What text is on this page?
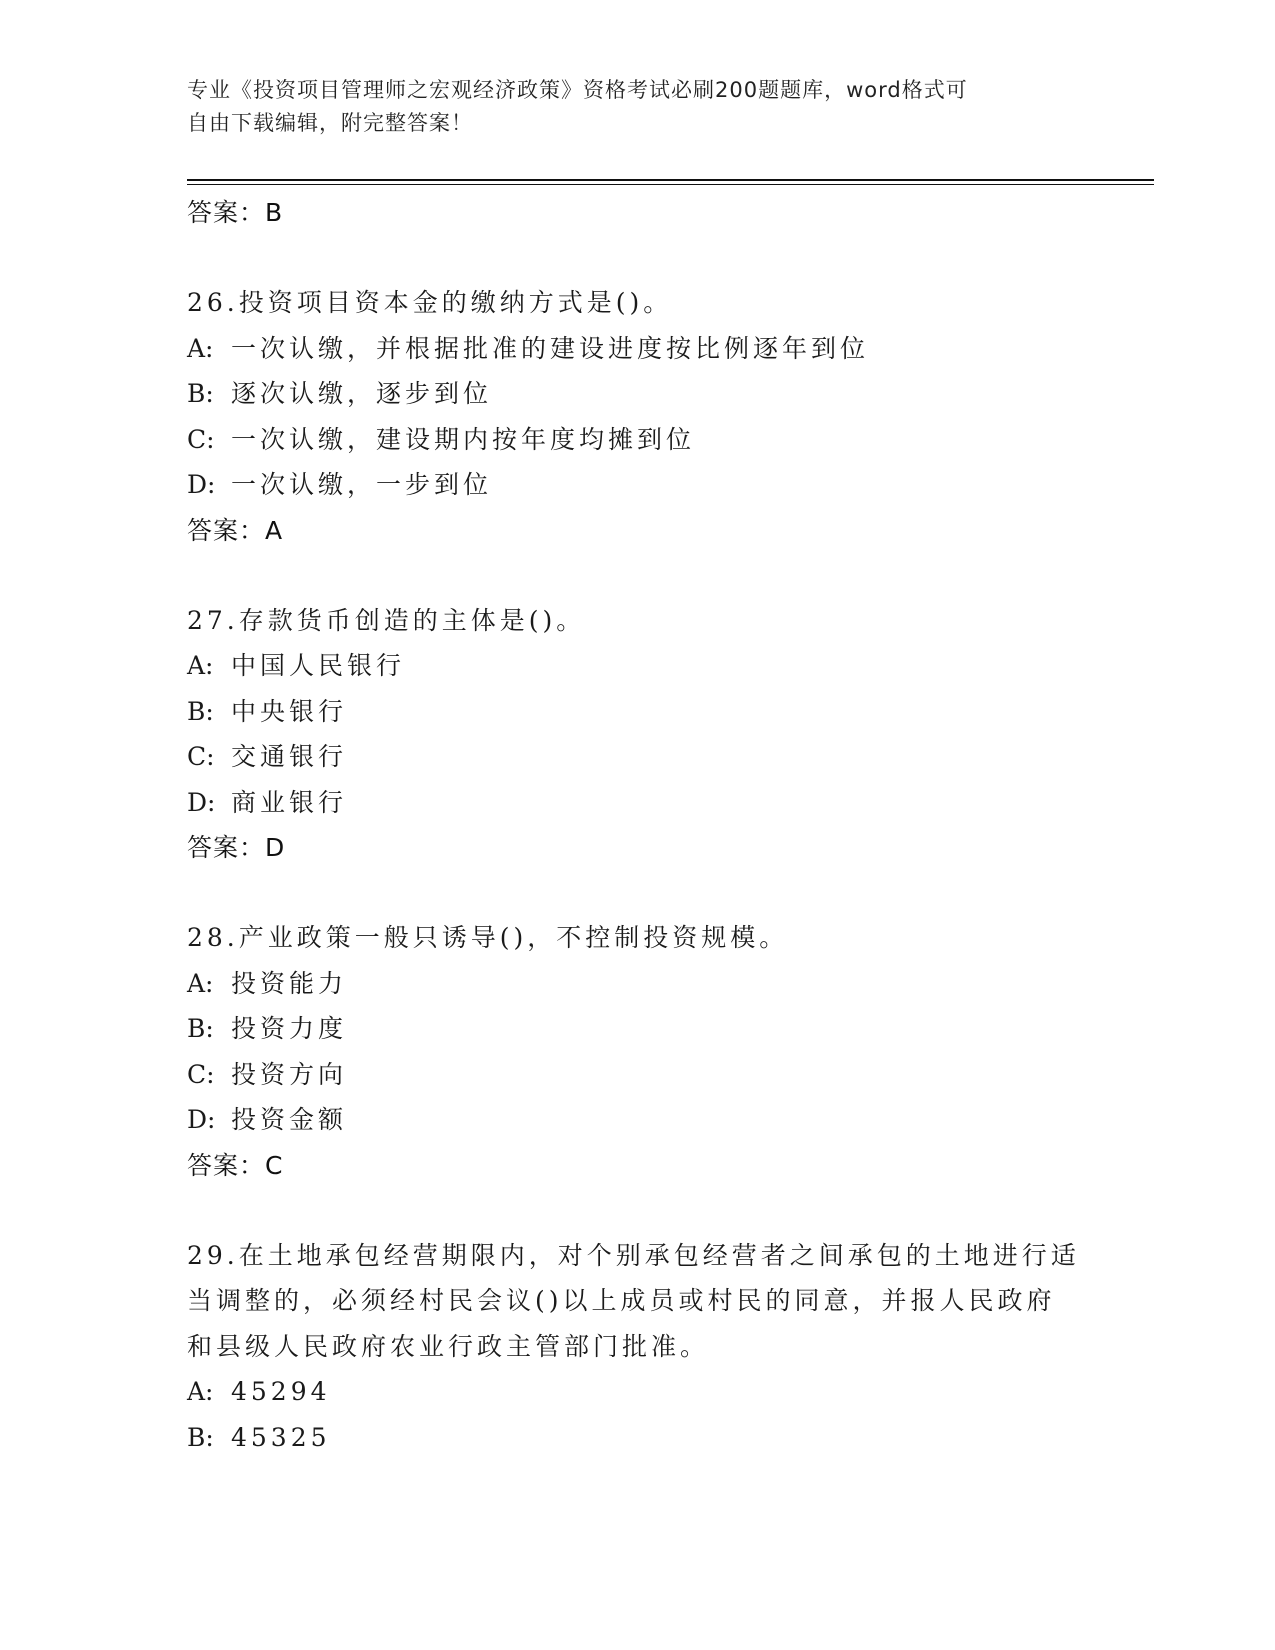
专业《投资项目管理师之宏观经济政策》资格考试必刷200题题库，word格式可
自由下载编辑，附完整答案！
答案：B
26.投资项目资本金的缴纳方式是()。
A: 一次认缴，并根据批准的建设进度按比例逐年到位
B: 逐次认缴，逐步到位
C: 一次认缴，建设期内按年度均摊到位
D: 一次认缴，一步到位
答案：A
27.存款货币创造的主体是()。
A: 中国人民银行
B: 中央银行
C: 交通银行
D: 商业银行
答案：D
28.产业政策一般只诱导()，不控制投资规模。
A: 投资能力
B: 投资力度
C: 投资方向
D: 投资金额
答案：C
29.在土地承包经营期限内，对个别承包经营者之间承包的土地进行适
当调整的，必须经村民会议()以上成员或村民的同意，并报人民政府
和县级人民政府农业行政主管部门批准。
A: 45294
B: 45325
